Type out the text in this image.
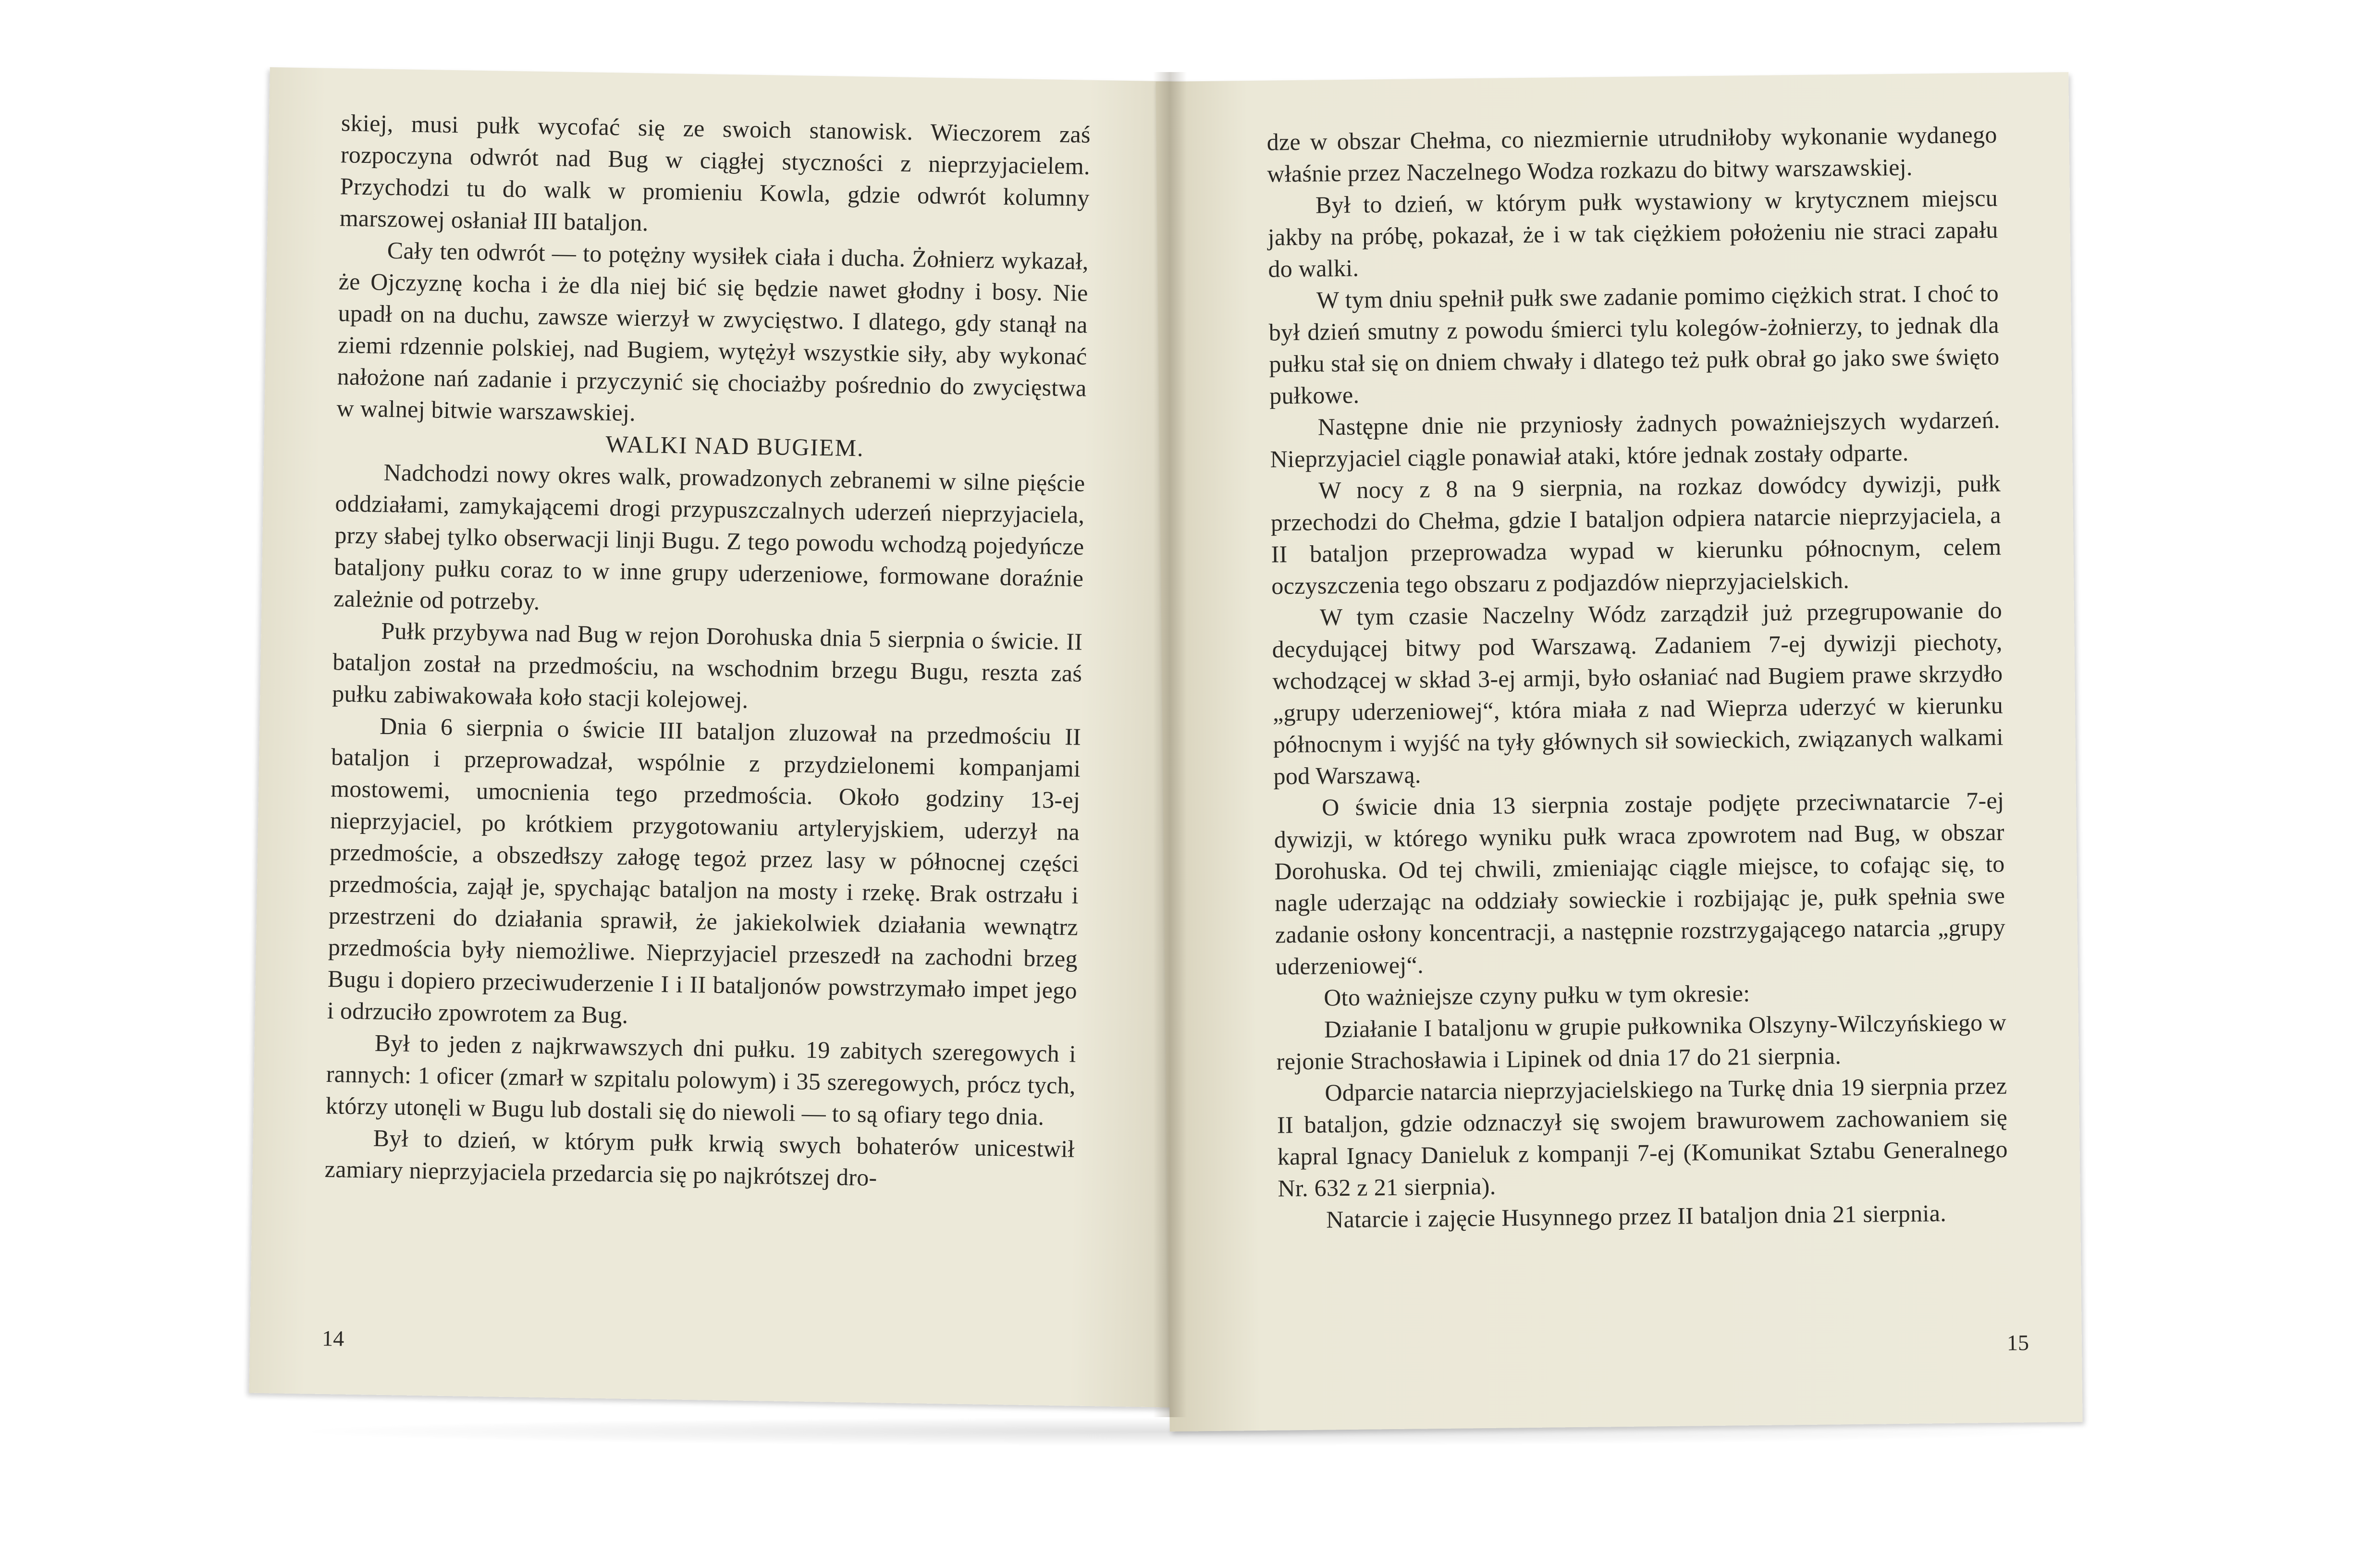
skiej, musi pułk wycofać się ze swoich stanowisk. Wieczorem zaś rozpoczyna odwrót nad Bug w ciągłej styczności z nieprzyjacielem. Przychodzi tu do walk w promieniu Kowla, gdzie odwrót kolumny marszowej osłaniał III bataljon.

Cały ten odwrót — to potężny wysiłek ciała i ducha. Żołnierz wykazał, że Ojczyznę kocha i że dla niej bić się będzie nawet głodny i bosy. Nie upadł on na duchu, zawsze wierzył w zwycięstwo. I dlatego, gdy stanął na ziemi rdzennie polskiej, nad Bugiem, wytężył wszystkie siły, aby wykonać nałożone nań zadanie i przyczynić się chociażby pośrednio do zwycięstwa w walnej bitwie warszawskiej.

WALKI NAD BUGIEM.

Nadchodzi nowy okres walk, prowadzonych zebranemi w silne pięście oddziałami, zamykającemi drogi przypuszczalnych uderzeń nieprzyjaciela, przy słabej tylko obserwacji linji Bugu. Z tego powodu wchodzą pojedyńcze bataljony pułku coraz to w inne grupy uderzeniowe, formowane doraźnie zależnie od potrzeby.

Pułk przybywa nad Bug w rejon Dorohuska dnia 5 sierpnia o świcie. II bataljon został na przedmościu, na wschodnim brzegu Bugu, reszta zaś pułku zabiwakowała koło stacji kolejowej.

Dnia 6 sierpnia o świcie III bataljon zluzował na przedmościu II bataljon i przeprowadzał, wspólnie z przydzielonemi kompanjami mostowemi, umocnienia tego przedmościa. Około godziny 13-ej nieprzyjaciel, po krótkiem przygotowaniu artyleryjskiem, uderzył na przedmoście, a obszedłszy załogę tegoż przez lasy w północnej części przedmościa, zajął je, spychając bataljon na mosty i rzekę. Brak ostrzału i przestrzeni do działania sprawił, że jakiekolwiek działania wewnątrz przedmościa były niemożliwe. Nieprzyjaciel przeszedł na zachodni brzeg Bugu i dopiero przeciwuderzenie I i II bataljonów powstrzymało impet jego i odrzuciło zpowrotem za Bug.

Był to jeden z najkrwawszych dni pułku. 19 zabitych szeregowych i rannych: 1 oficer (zmarł w szpitalu polowym) i 35 szeregowych, prócz tych, którzy utonęli w Bugu lub dostali się do niewoli — to są ofiary tego dnia.

Był to dzień, w którym pułk krwią swych bohaterów unicestwił zamiary nieprzyjaciela przedarcia się po najkrótszej dro-

14

dze w obszar Chełma, co niezmiernie utrudniłoby wykonanie wydanego właśnie przez Naczelnego Wodza rozkazu do bitwy warszawskiej.

Był to dzień, w którym pułk wystawiony w krytycznem miejscu jakby na próbę, pokazał, że i w tak ciężkiem położeniu nie straci zapału do walki.

W tym dniu spełnił pułk swe zadanie pomimo ciężkich strat. I choć to był dzień smutny z powodu śmierci tylu kolegów-żołnierzy, to jednak dla pułku stał się on dniem chwały i dlatego też pułk obrał go jako swe święto pułkowe.

Następne dnie nie przyniosły żadnych poważniejszych wydarzeń. Nieprzyjaciel ciągle ponawiał ataki, które jednak zostały odparte.

W nocy z 8 na 9 sierpnia, na rozkaz dowódcy dywizji, pułk przechodzi do Chełma, gdzie I bataljon odpiera natarcie nieprzyjaciela, a II bataljon przeprowadza wypad w kierunku północnym, celem oczyszczenia tego obszaru z podjazdów nieprzyjacielskich.

W tym czasie Naczelny Wódz zarządził już przegrupowanie do decydującej bitwy pod Warszawą. Zadaniem 7-ej dywizji piechoty, wchodzącej w skład 3-ej armji, było osłaniać nad Bugiem prawe skrzydło „grupy uderzeniowej“, która miała z nad Wieprza uderzyć w kierunku północnym i wyjść na tyły głównych sił sowieckich, związanych walkami pod Warszawą.

O świcie dnia 13 sierpnia zostaje podjęte przeciwnatarcie 7-ej dywizji, w którego wyniku pułk wraca zpowrotem nad Bug, w obszar Dorohuska. Od tej chwili, zmieniając ciągle miejsce, to cofając się, to nagle uderzając na oddziały sowieckie i rozbijając je, pułk spełnia swe zadanie osłony koncentracji, a następnie rozstrzygającego natarcia „grupy uderzeniowej“.

Oto ważniejsze czyny pułku w tym okresie:

Działanie I bataljonu w grupie pułkownika Olszyny-Wilczyńskiego w rejonie Strachosławia i Lipinek od dnia 17 do 21 sierpnia.

Odparcie natarcia nieprzyjacielskiego na Turkę dnia 19 sierpnia przez II bataljon, gdzie odznaczył się swojem brawurowem zachowaniem się kapral Ignacy Danieluk z kompanji 7-ej (Komunikat Sztabu Generalnego Nr. 632 z 21 sierpnia).

Natarcie i zajęcie Husynnego przez II bataljon dnia 21 sierpnia.

15
